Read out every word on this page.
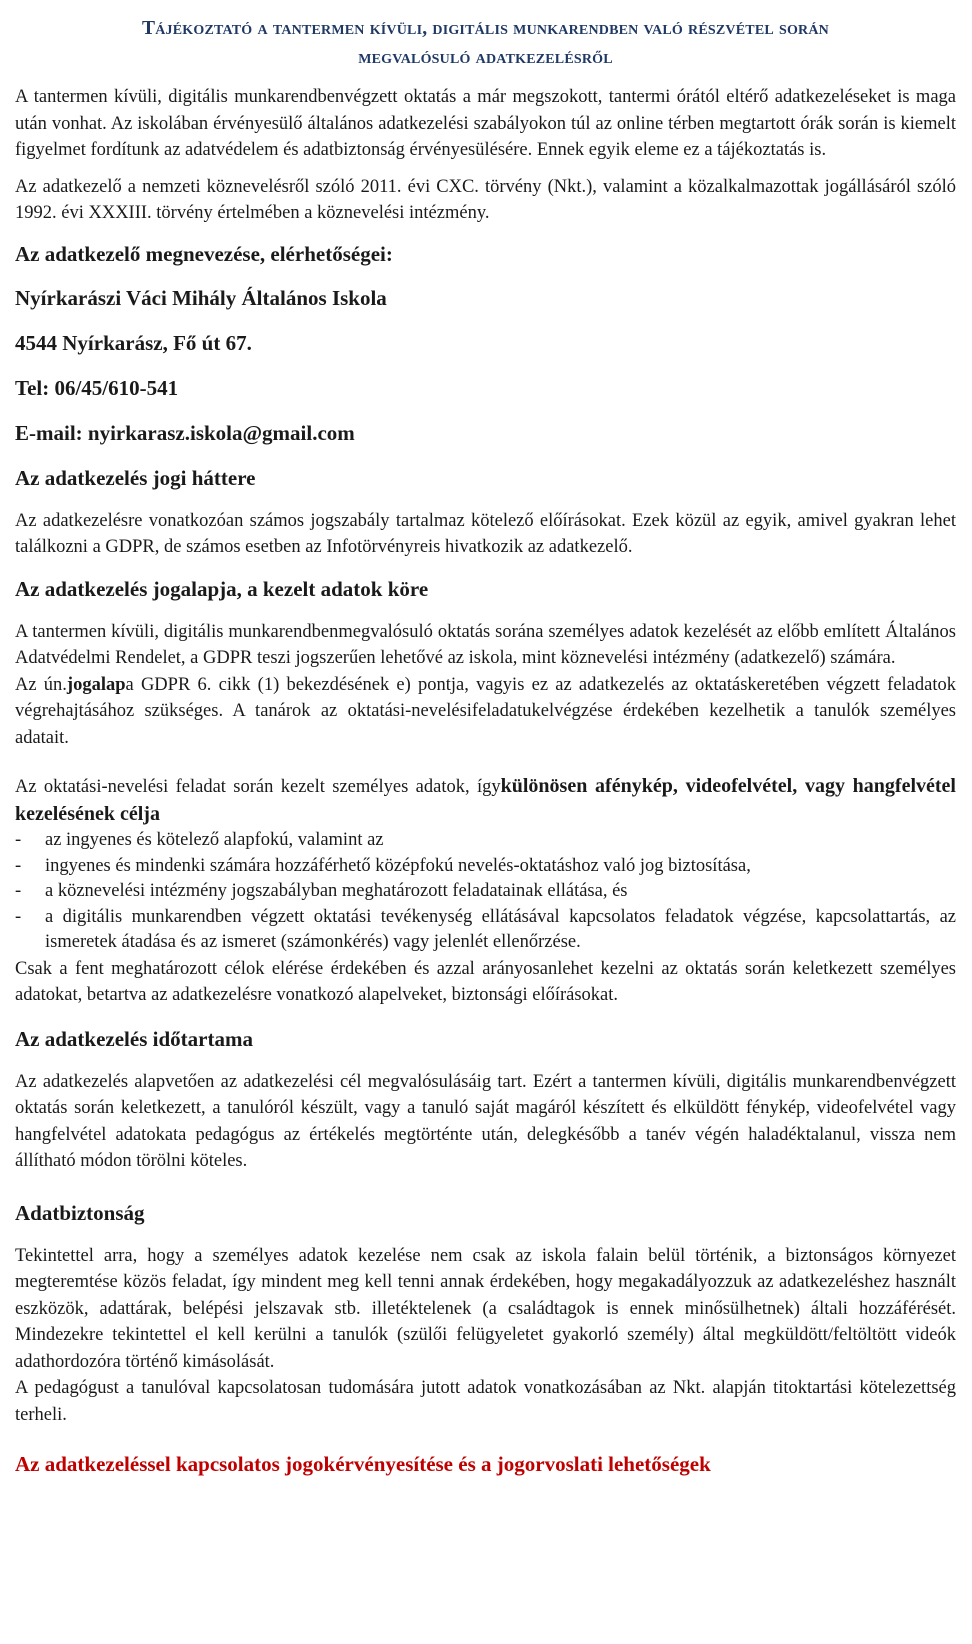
Tájékoztató a tantermen kívüli, digitális munkarendben való részvétel során
megvalósuló adatkezelésről

A tantermen kívüli, digitális munkarendbenvégzett oktatás a már megszokott, tantermi órától eltérő adatkezeléseket is maga után vonhat. Az iskolában érvényesülő általános adatkezelési szabályokon túl az online térben megtartott órák során is kiemelt figyelmet fordítunk az adatvédelem és adatbiztonság érvényesülésére. Ennek egyik eleme ez a tájékoztatás is.

Az adatkezelő a nemzeti köznevelésről szóló 2011. évi CXC. törvény (Nkt.), valamint a közalkalmazottak jogállásáról szóló 1992. évi XXXIII. törvény értelmében a köznevelési intézmény.

Az adatkezelő megnevezése, elérhetőségei:
Nyírkarászi Váci Mihály Általános Iskola
4544 Nyírkarász, Fő út 67.
Tel: 06/45/610-541
E-mail: nyirkarasz.iskola@gmail.com
Az adatkezelés jogi háttere

Az adatkezelésre vonatkozóan számos jogszabály tartalmaz kötelező előírásokat. Ezek közül az egyik, amivel gyakran lehet találkozni a GDPR, de számos esetben az Infotörvényreis hivatkozik az adatkezelő.

Az adatkezelés jogalapja, a kezelt adatok köre

A tantermen kívüli, digitális munkarendbenmegvalósuló oktatás soránа személyes adatok kezelését az előbb említett Általános Adatvédelmi Rendelet, a GDPR teszi jogszerűen lehetővé az iskola, mint köznevelési intézmény (adatkezelő) számára.

Az ún.jogalapa GDPR 6. cikk (1) bekezdésének e) pontja, vagyis ez az adatkezelés az oktatáskeretében végzett feladatok végrehajtásához szükséges. A tanárok az oktatási-nevelésifeladatukelvégzése érdekében kezelhetik a tanulók személyes adatait.

Az oktatási-nevelési feladat során kezelt személyes adatok, ígykülönösen afénykép, videofelvétel, vagy hangfelvétel kezelésének célja

- az ingyenes és kötelező alapfokú, valamint az
- ingyenes és mindenki számára hozzáférhető középfokú nevelés-oktatáshoz való jog biztosítása,
- a köznevelési intézmény jogszabályban meghatározott feladatainak ellátása, és
- a digitális munkarendben végzett oktatási tevékenység ellátásával kapcsolatos feladatok végzése, kapcsolattartás, az ismeretek átadása és az ismeret (számonkérés) vagy jelenlét ellenőrzése.

Csak a fent meghatározott célok elérése érdekében és azzal arányosanlehet kezelni az oktatás során keletkezett személyes adatokat, betartva az adatkezelésre vonatkozó alapelveket, biztonsági előírásokat.

Az adatkezelés időtartama

Az adatkezelés alapvetően az adatkezelési cél megvalósulásáig tart. Ezért a tantermen kívüli, digitális munkarendbenvégzett oktatás során keletkezett, a tanulóról készült, vagy a tanuló saját magáról készített és elküldött fénykép, videofelvétel vagy hangfelvétel adatokata pedagógus az értékelés megtörténte után, delegkésőbb a tanév végén haladéktalanul, vissza nem állítható módon törölni köteles.

Adatbiztonság

Tekintettel arra, hogy a személyes adatok kezelése nem csak az iskola falain belül történik, a biztonságos környezet megteremtése közös feladat, így mindent meg kell tenni annak érdekében, hogy megakadályozzuk az adatkezeléshez használt eszközök, adattárak, belépési jelszavak stb. illetéktelenek (a családtagok is ennek minősülhetnek) általi hozzáférését. Mindezekre tekintettel el kell kerülni a tanulók (szülői felügyeletet gyakorló személy) által megküldött/feltöltött videók adathordozóra történő kimásolását.

A pedagógust a tanulóval kapcsolatosan tudomására jutott adatok vonatkozásában az Nkt. alapján titoktartási kötelezettség terheli.

Az adatkezeléssel kapcsolatos jogokérvényesítése és a jogorvoslati lehetőségek
